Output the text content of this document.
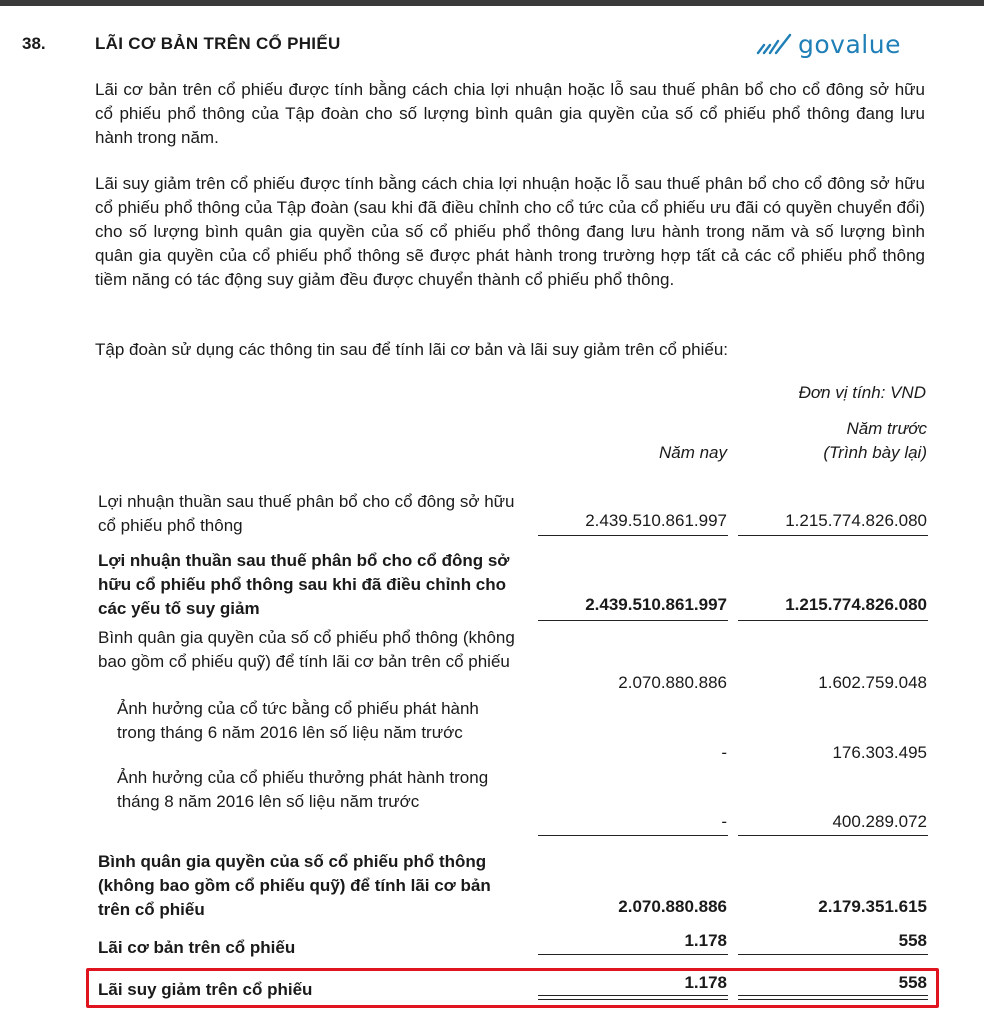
38.	LÃI CƠ BẢN TRÊN CỔ PHIẾU	govalue
Lãi cơ bản trên cổ phiếu được tính bằng cách chia lợi nhuận hoặc lỗ sau thuế phân bổ cho cổ đông sở hữu cổ phiếu phổ thông của Tập đoàn cho số lượng bình quân gia quyền của số cổ phiếu phổ thông đang lưu hành trong năm.
Lãi suy giảm trên cổ phiếu được tính bằng cách chia lợi nhuận hoặc lỗ sau thuế phân bổ cho cổ đông sở hữu cổ phiếu phổ thông của Tập đoàn (sau khi đã điều chỉnh cho cổ tức của cổ phiếu ưu đãi có quyền chuyển đổi) cho số lượng bình quân gia quyền của số cổ phiếu phổ thông đang lưu hành trong năm và số lượng bình quân gia quyền của cổ phiếu phổ thông sẽ được phát hành trong trường hợp tất cả các cổ phiếu phổ thông tiềm năng có tác động suy giảm đều được chuyển thành cổ phiếu phổ thông.
Tập đoàn sử dụng các thông tin sau để tính lãi cơ bản và lãi suy giảm trên cổ phiếu:
Đơn vị tính: VND
Năm nay
Năm trước
(Trình bày lại)
Lợi nhuận thuần sau thuế phân bổ cho cổ đông sở hữu cổ phiếu phổ thông	2.439.510.861.997	1.215.774.826.080
Lợi nhuận thuần sau thuế phân bổ cho cổ đông sở hữu cổ phiếu phổ thông sau khi đã điều chỉnh cho các yếu tố suy giảm	2.439.510.861.997	1.215.774.826.080
Bình quân gia quyền của số cổ phiếu phổ thông (không bao gồm cổ phiếu quỹ) để tính lãi cơ bản trên cổ phiếu
2.070.880.886	1.602.759.048
Ảnh hưởng của cổ tức bằng cổ phiếu phát hành trong tháng 6 năm 2016 lên số liệu năm trước
-	176.303.495
Ảnh hưởng của cổ phiếu thưởng phát hành trong tháng 8 năm 2016 lên số liệu năm trước
-	400.289.072
Bình quân gia quyền của số cổ phiếu phổ thông (không bao gồm cổ phiếu quỹ) để tính lãi cơ bản trên cổ phiếu	2.070.880.886	2.179.351.615
Lãi cơ bản trên cổ phiếu	1.178	558
Lãi suy giảm trên cổ phiếu	1.178	558
